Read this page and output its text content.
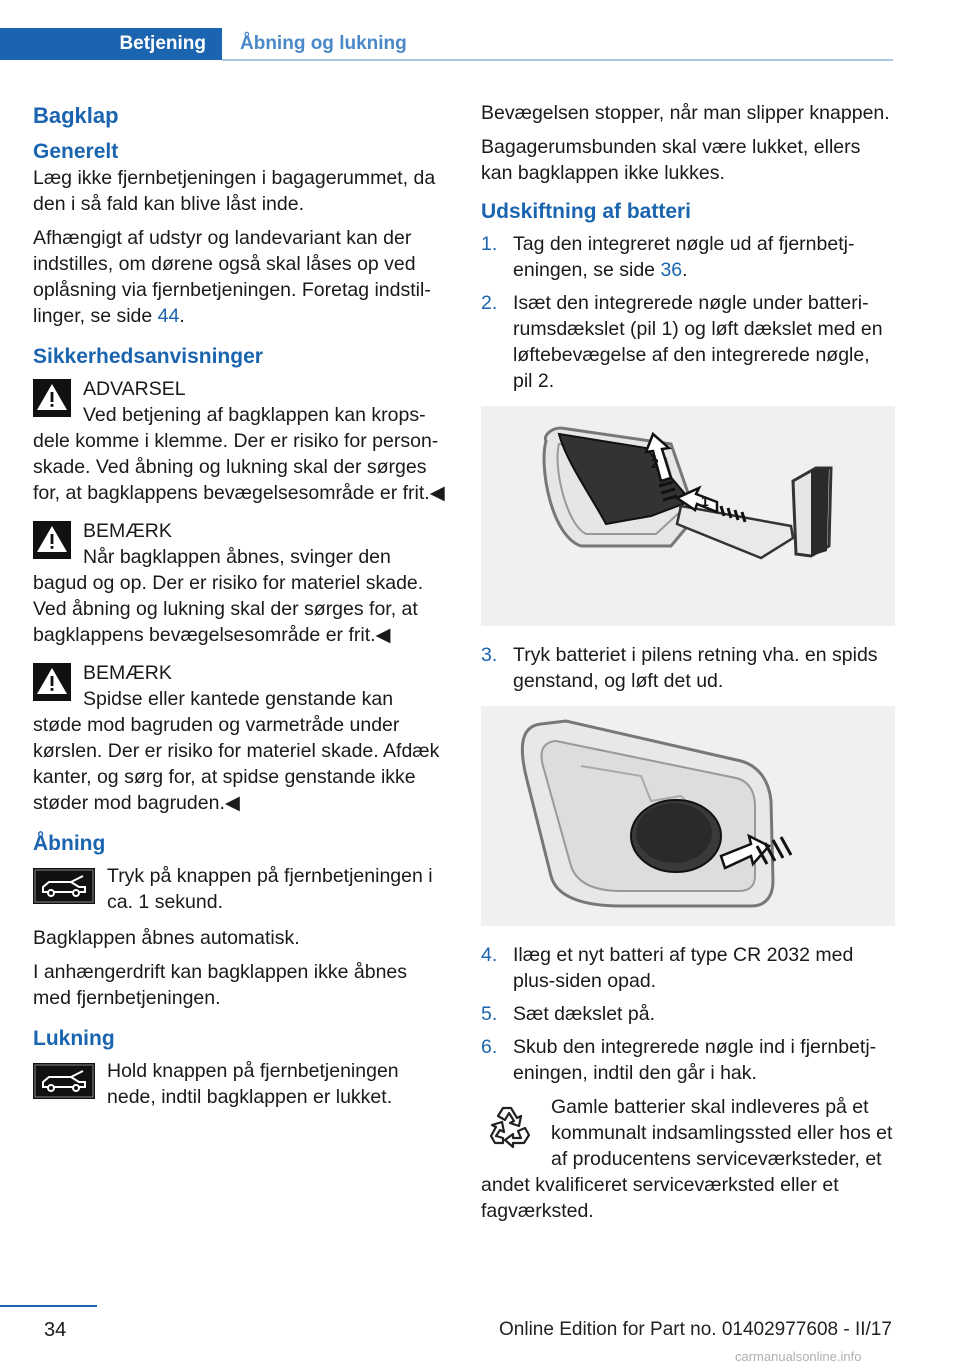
Betjening	Åbning og lukning
Bagklap
Generelt

Læg ikke fjernbetjeningen i bagagerummet, da den i så fald kan blive låst inde.

Afhængigt af udstyr og landevariant kan der indstilles, om dørene også skal låses op ved oplåsning via fjernbetjeningen. Foretag indstillinger, se side 44.

Sikkerhedsanvisninger
ADVARSEL
Ved betjening af bagklappen kan kropsdele komme i klemme. Der er risiko for personskade. Ved åbning og lukning skal der sørges for, at bagklappens bevægelsesområde er frit.◀
BEMÆRK
Når bagklappen åbnes, svinger den bagud og op. Der er risiko for materiel skade. Ved åbning og lukning skal der sørges for, at bagklappens bevægelsesområde er frit.◀
BEMÆRK
Spidse eller kantede genstande kan støde mod bagruden og varmetråde under kørslen. Der er risiko for materiel skade. Afdæk kanter, og sørg for, at spidse genstande ikke støder mod bagruden.◀
Åbning
Tryk på knappen på fjernbetjeningen i ca. 1 sekund.

Bagklappen åbnes automatisk.

I anhængerdrift kan bagklappen ikke åbnes med fjernbetjeningen.

Lukning
Hold knappen på fjernbetjeningen nede, indtil bagklappen er lukket.

Bevægelsen stopper, når man slipper knappen.

Bagagerumsbunden skal være lukket, ellers kan bagklappen ikke lukkes.

Udskiftning af batteri
1. Tag den integreret nøgle ud af fjernbetjeningen, se side 36.
2. Isæt den integrerede nøgle under batterirumsdækslet (pil 1) og løft dækslet med en løftebevægelse af den integrerede nøgle, pil 2.
1
2
3. Tryk batteriet i pilens retning vha. en spids genstand, og løft det ud.
4. Ilæg et nyt batteri af type CR 2032 med plus-siden opad.
5. Sæt dækslet på.
6. Skub den integrerede nøgle ind i fjernbetjeningen, indtil den går i hak.
Gamle batterier skal indleveres på et kommunalt indsamlingssted eller hos et af producentens serviceværksteder, et andet kvalificeret serviceværksted eller et fagværksted.
34	Online Edition for Part no. 01402977608 - II/17
carmanualsonline.info
